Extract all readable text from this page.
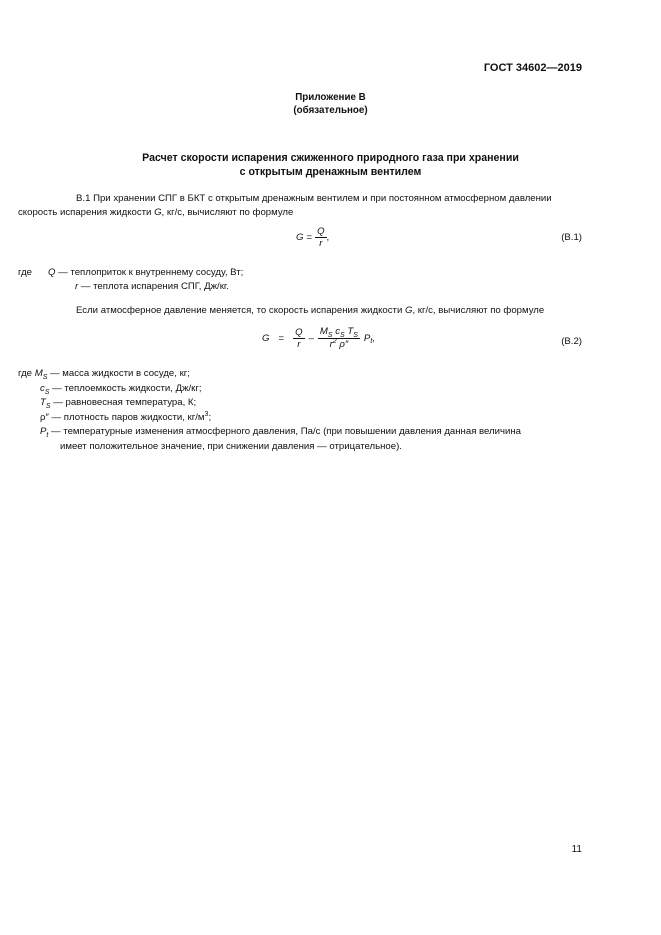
ГОСТ 34602—2019
Приложение В
(обязательное)
Расчет скорости испарения сжиженного природного газа при хранении
с открытым дренажным вентилем
В.1 При хранении СПГ в БКТ с открытым дренажным вентилем и при постоянном атмосферном давлении
скорость испарения жидкости G, кг/с, вычисляют по формуле
$G = \frac{Q}{r}$ ,	(В.1)
где Q — теплоприток к внутреннему сосуду, Вт;
r — теплота испарения СПГ, Дж/кг.
Если атмосферное давление меняется, то скорость испарения жидкости G, кг/с, вычисляют по формуле
$G = \frac{Q}{r} - \frac{M_S c_S T_S}{r^2 \rho''}$ P t ,	(В.2)
где $M_S$ — масса жидкости в сосуде, кг;
$c_S$ — теплоемкость жидкости, Дж/кг;
$T_S$ — равновесная температура, К;
ρ″ — плотность паров жидкости, $кг/м^3$;
$P_t$ — температурные изменения атмосферного давления, Па/с (при повышении давления данная величина
имеет положительное значение, при снижении давления — отрицательное).
11
